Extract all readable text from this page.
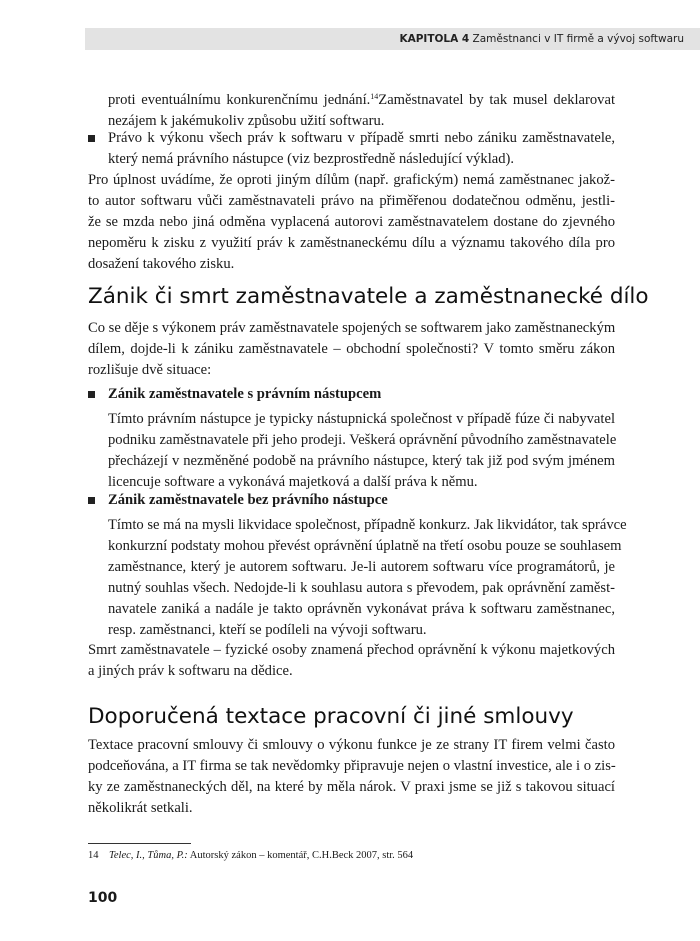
KAPITOLA 4 Zaměstnanci v IT firmě a vývoj softwaru
proti eventuálnímu konkurenčnímu jednání.$^{14}$Zaměstnavatel by tak musel deklarovat
nezájem k jakémukoliv způsobu užití softwaru.
Právo k výkonu všech práv k softwaru v případě smrti nebo zániku zaměstnavatele,
který nemá právního nástupce (viz bezprostředně následující výklad).
Pro úplnost uvádíme, že oproti jiným dílům (např. grafickým) nemá zaměstnanec jakož-
to autor softwaru vůči zaměstnavateli právo na přiměřenou dodatečnou odměnu, jestli-
že se mzda nebo jiná odměna vyplacená autorovi zaměstnavatelem dostane do zjevného
nepoměru k zisku z využití práv k zaměstnaneckému dílu a významu takového díla pro
dosažení takového zisku.
Zánik či smrt zaměstnavatele a zaměstnanecké dílo
Co se děje s výkonem práv zaměstnavatele spojených se softwarem jako zaměstnaneckým
dílem, dojde-li k zániku zaměstnavatele – obchodní společnosti? V tomto směru zákon
rozlišuje dvě situace:
Zánik zaměstnavatele s právním nástupcem
Tímto právním nástupce je typicky nástupnická společnost v případě fúze či nabyvatel
podniku zaměstnavatele při jeho prodeji. Veškerá oprávnění původního zaměstnavatele
přecházejí v nezměněné podobě na právního nástupce, který tak již pod svým jménem
licencuje software a vykonává majetková a další práva k němu.
Zánik zaměstnavatele bez právního nástupce
Tímto se má na mysli likvidace společnost, případně konkurz. Jak likvidátor, tak správce
konkurzní podstaty mohou převést oprávnění úplatně na třetí osobu pouze se souhlasem
zaměstnance, který je autorem softwaru. Je-li autorem softwaru více programátorů, je
nutný souhlas všech. Nedojde-li k souhlasu autora s převodem, pak oprávnění zaměst-
navatele zaniká a nadále je takto oprávněn vykonávat práva k softwaru zaměstnanec,
resp. zaměstnanci, kteří se podíleli na vývoji softwaru.
Smrt zaměstnavatele – fyzické osoby znamená přechod oprávnění k výkonu majetkových
a jiných práv k softwaru na dědice.
Doporučená textace pracovní či jiné smlouvy
Textace pracovní smlouvy či smlouvy o výkonu funkce je ze strany IT firem velmi často
podceňována, a IT firma se tak nevědomky připravuje nejen o vlastní investice, ale i o zis-
ky ze zaměstnaneckých děl, na které by měla nárok. V praxi jsme se již s takovou situací
několikrát setkali.
14 Telec, I., Tůma, P.: Autorský zákon – komentář, C.H.Beck 2007, str. 564
100
